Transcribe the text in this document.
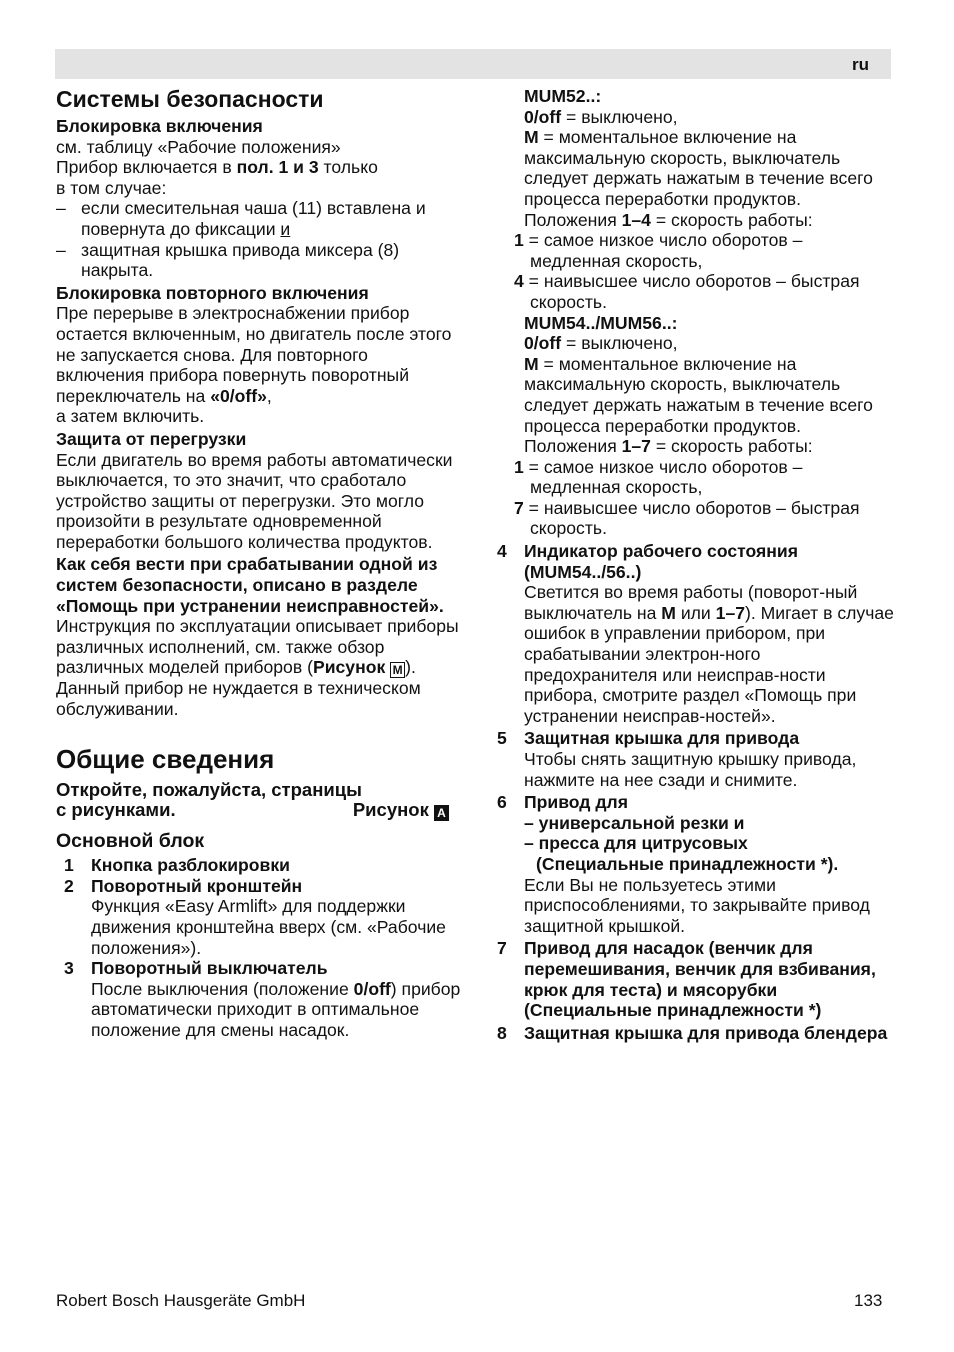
ru
Системы безопасности
Блокировка включения
см. таблицу «Рабочие положения»
Прибор включается в пол. 1 и 3 только
в том случае:
– если смесительная чаша (11) вставлена и повернута до фиксации и
– защитная крышка привода миксера (8) накрыта.
Блокировка повторного включения
Пре перерыве в электроснабжении прибор остается включенным, но двигатель после этого не запускается снова. Для повторного включения прибора повернуть поворотный переключатель на «0/off»,
а затем включить.
Защита от перегрузки
Если двигатель во время работы автоматически выключается, то это значит, что сработало устройство защиты от перегрузки. Это могло произойти в результате одновременной переработки большого количества продуктов.
Как себя вести при срабатывании одной из систем безопасности, описано в разделе «Помощь при устранении неисправностей».
Инструкция по эксплуатации описывает приборы различных исполнений, см. также обзор различных моделей приборов (Рисунок M ). Данный прибор не нуждается в техническом обслуживании.
Общие сведения
Откройте, пожалуйста, страницы
с рисунками.	Рисунок A
Основной блок
1 Кнопка разблокировки
2 Поворотный кронштейн
Функция «Easy Armlift» для поддержки движения кронштейна вверх (см. «Рабочие положения»).
3 Поворотный выключатель
После выключения (положение 0/off) прибор автоматически приходит в оптимальное положение для смены насадок.
MUM52..:
0/off = выключено,
M = моментальное включение на максимальную скорость, выключатель следует держать нажатым в течение всего процесса переработки продуктов.
Положения 1–4 = скорость работы:
1 = самое низкое число оборотов – медленная скорость,
4 = наивысшее число оборотов – быстрая скорость.
MUM54../MUM56..:
0/off = выключено,
M = моментальное включение на максимальную скорость, выключатель следует держать нажатым в течение всего процесса переработки продуктов.
Положения 1–7 = скорость работы:
1 = самое низкое число оборотов – медленная скорость,
7 = наивысшее число оборотов – быстрая скорость.
4 Индикатор рабочего состояния (MUM54../56..)
Светится во время работы (поворот-ный выключатель на M или 1–7). Мигает в случае ошибок в управлении прибором, при срабатывании электрон-ного предохранителя или неисправ-ности прибора, смотрите раздел «Помощь при устранении неисправ-ностей».
5 Защитная крышка для привода
Чтобы снять защитную крышку привода, нажмите на нее сзади и снимите.
6 Привод для
– универсальной резки и
– пресса для цитрусовых
(Специальные принадлежности *).
Если Вы не пользуетесь этими приспособлениями, то закрывайте привод защитной крышкой.
7 Привод для насадок (венчик для перемешивания, венчик для взбивания, крюк для теста) и мясорубки (Специальные принадлежности *)
8 Защитная крышка для привода блендера
Robert Bosch Hausgeräte GmbH	133
